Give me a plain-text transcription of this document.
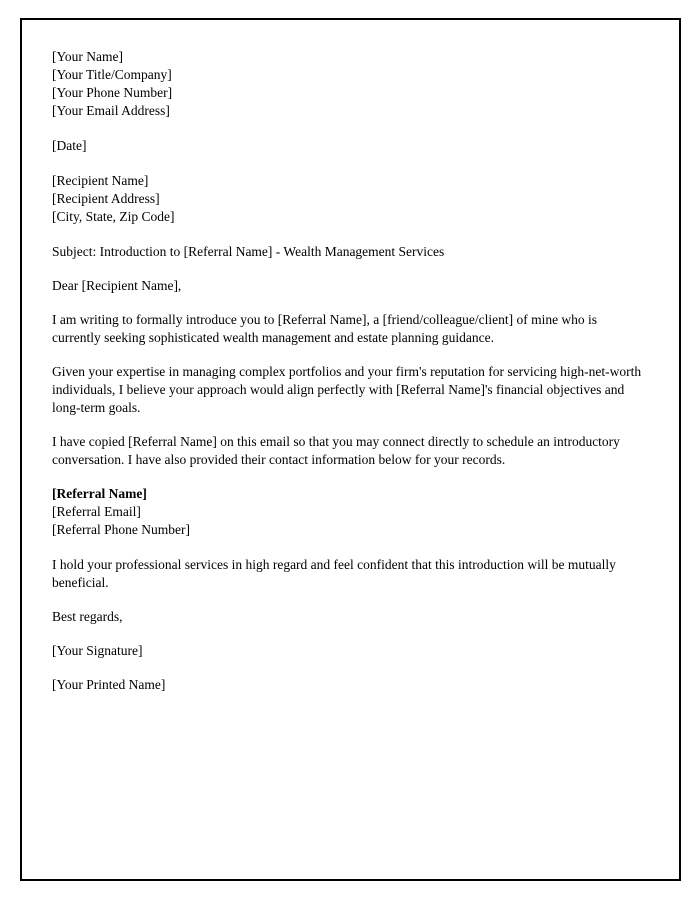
[Your Name]

[Your Title/Company]

[Your Phone Number]

[Your Email Address]

[Date]

[Recipient Name]

[Recipient Address]

[City, State, Zip Code]

Subject: Introduction to [Referral Name] - Wealth Management Services

Dear [Recipient Name],

I am writing to formally introduce you to [Referral Name], a [friend/colleague/client] of mine who is currently seeking sophisticated wealth management and estate planning guidance.

Given your expertise in managing complex portfolios and your firm's reputation for servicing high-net-worth individuals, I believe your approach would align perfectly with [Referral Name]'s financial objectives and long-term goals.

I have copied [Referral Name] on this email so that you may connect directly to schedule an introductory conversation. I have also provided their contact information below for your records.

[Referral Name]

[Referral Email]

[Referral Phone Number]

I hold your professional services in high regard and feel confident that this introduction will be mutually beneficial.

Best regards,

[Your Signature]

[Your Printed Name]
